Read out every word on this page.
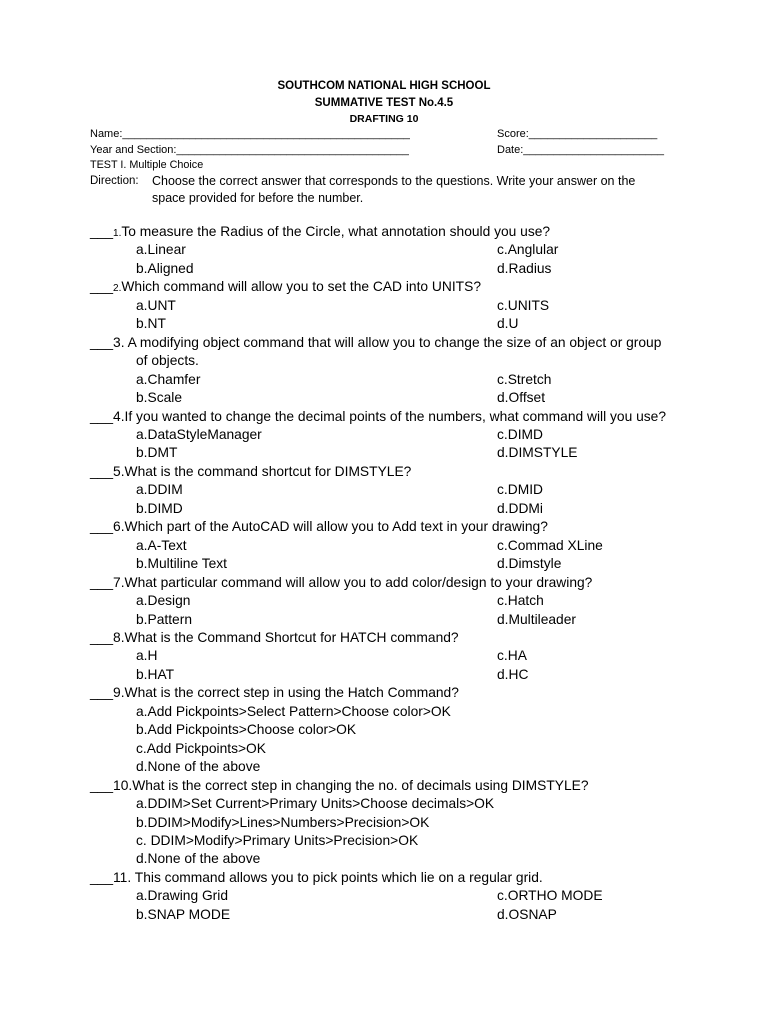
SOUTHCOM NATIONAL HIGH SCHOOL
SUMMATIVE TEST No.4.5
DRAFTING 10
Name:_______________________________________________	Score:_____________________
Year and Section:______________________________________	Date:_______________________
TEST I. Multiple Choice
Direction: Choose the correct answer that corresponds to the questions. Write your answer on the
space provided for before the number.
___1.To measure the Radius of the Circle, what annotation should you use?
a.Linear	c.Anglular
b.Aligned	d.Radius
___2.Which command will allow you to set the CAD into UNITS?
a.UNT	c.UNITS
b.NT	d.U
___3. A modifying object command that will allow you to change the size of an object or group
of objects.
a.Chamfer	c.Stretch
b.Scale	d.Offset
___4.If you wanted to change the decimal points of the numbers, what command will you use?
a.DataStyleManager	c.DIMD
b.DMT	d.DIMSTYLE
___5.What is the command shortcut for DIMSTYLE?
a.DDIM	c.DMID
b.DIMD	d.DDMi
___6.Which part of the AutoCAD will allow you to Add text in your drawing?
a.A-Text	c.Commad XLine
b.Multiline Text	d.Dimstyle
___7.What particular command will allow you to add color/design to your drawing?
a.Design	c.Hatch
b.Pattern	d.Multileader
___8.What is the Command Shortcut for HATCH command?
a.H	c.HA
b.HAT	d.HC
___9.What is the correct step in using the Hatch Command?
a.Add Pickpoints>Select Pattern>Choose color>OK
b.Add Pickpoints>Choose color>OK
c.Add Pickpoints>OK
d.None of the above
___10.What is the correct step in changing the no. of decimals using DIMSTYLE?
a.DDIM>Set Current>Primary Units>Choose decimals>OK
b.DDIM>Modify>Lines>Numbers>Precision>OK
c. DDIM>Modify>Primary Units>Precision>OK
d.None of the above
___11. This command allows you to pick points which lie on a regular grid.
a.Drawing Grid	c.ORTHO MODE
b.SNAP MODE	d.OSNAP
